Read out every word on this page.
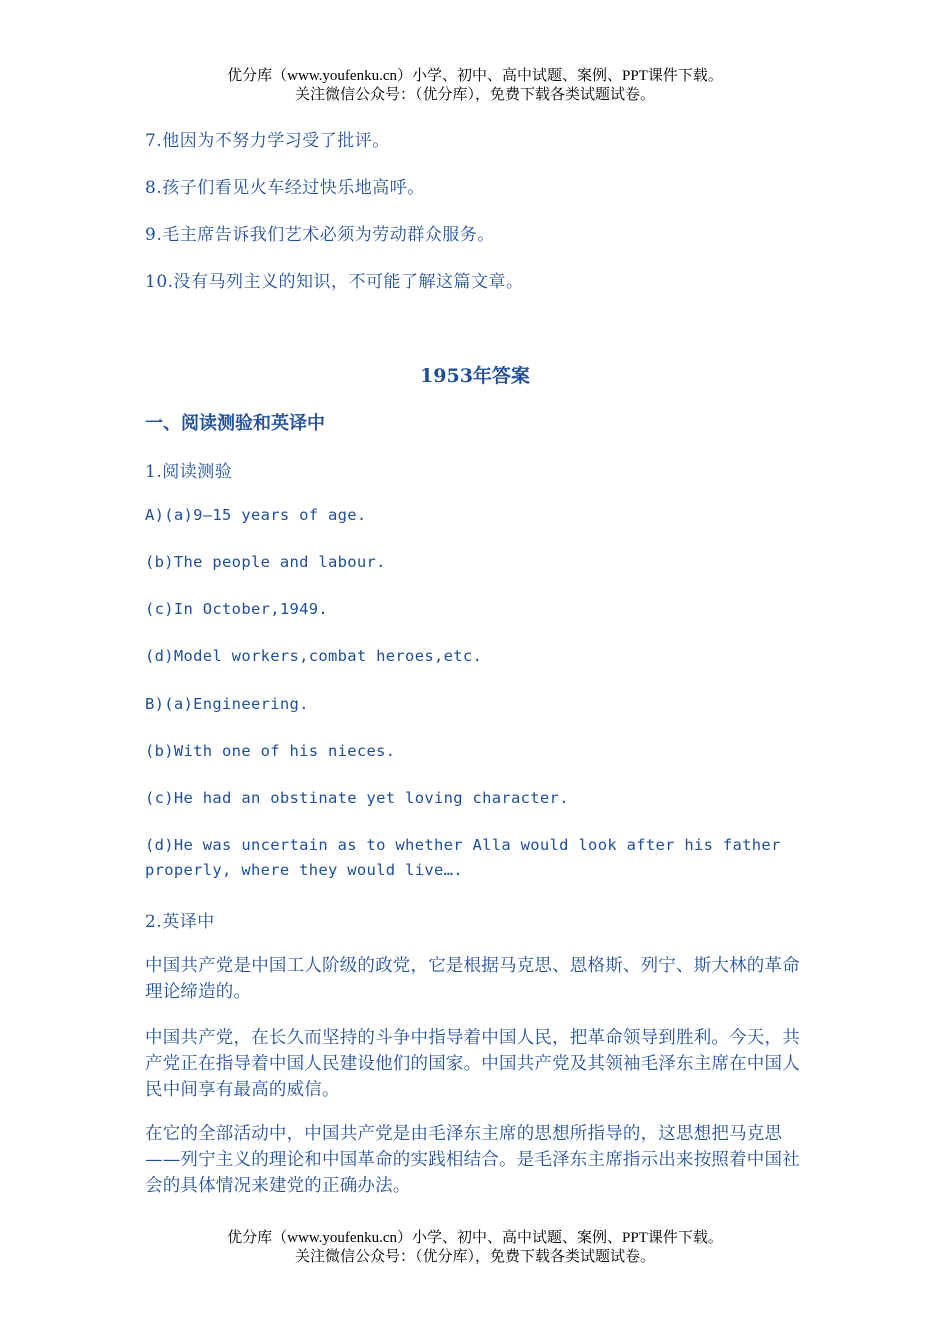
优分库（www.youfenku.cn）小学、初中、高中试题、案例、PPT课件下载。
关注微信公众号：（优分库），免费下载各类试题试卷。
7.他因为不努力学习受了批评。
8.孩子们看见火车经过快乐地高呼。
9.毛主席告诉我们艺术必须为劳动群众服务。
10.没有马列主义的知识，不可能了解这篇文章。
1953年答案
一、阅读测验和英译中
1.阅读测验
A)(a)9—15 years of age.
(b)The people and labour.
(c)In October,1949.
(d)Model workers,combat heroes,etc.
B)(a)Engineering.
(b)With one of his nieces.
(c)He had an obstinate yet loving character.
(d)He was uncertain as to whether Alla would look after his father
properly, where they would live….
2.英译中
中国共产党是中国工人阶级的政党，它是根据马克思、恩格斯、列宁、斯大林的革命理论缔造的。
中国共产党，在长久而坚持的斗争中指导着中国人民，把革命领导到胜利。今天，共产党正在指导着中国人民建设他们的国家。中国共产党及其领袖毛泽东主席在中国人民中间享有最高的威信。
在它的全部活动中，中国共产党是由毛泽东主席的思想所指导的，这思想把马克思——列宁主义的理论和中国革命的实践相结合。是毛泽东主席指示出来按照着中国社会的具体情况来建党的正确办法。
优分库（www.youfenku.cn）小学、初中、高中试题、案例、PPT课件下载。
关注微信公众号：（优分库），免费下载各类试题试卷。
